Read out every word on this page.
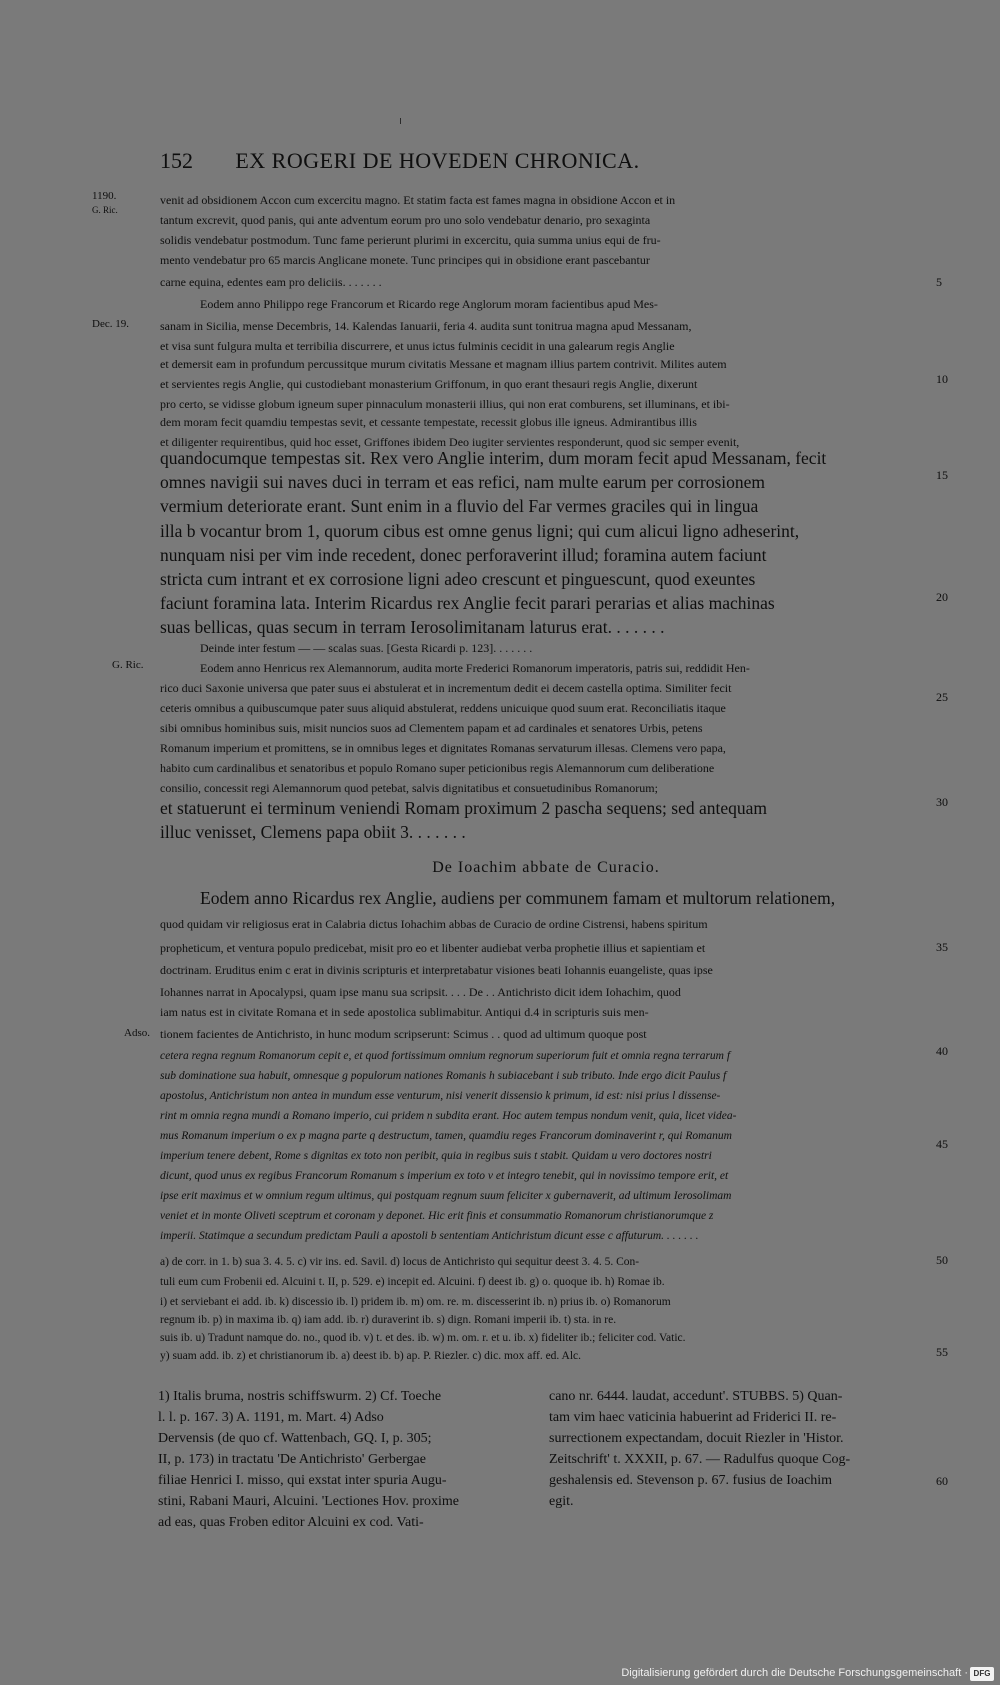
152	EX ROGERI DE HOVEDEN CHRONICA.
1190.
G. Ric.
Dec. 19.
G. Ric.
Adso.
5
10
15
20
25
30
35
40
45
50
55
60
venit ad obsidionem Accon cum excercitu magno. Et statim facta est fames magna in obsidione Accon et in
tantum excrevit, quod panis, qui ante adventum eorum pro uno solo vendebatur denario, pro sexaginta
solidis vendebatur postmodum. Tunc fame perierunt plurimi in excercitu, quia summa unius equi de fru-
mento vendebatur pro 65 marcis Anglicane monete. Tunc principes qui in obsidione erant pascebantur
carne equina, edentes eam pro deliciis. . . . . . .
Eodem anno Philippo rege Francorum et Ricardo rege Anglorum moram facientibus apud Mes-
sanam in Sicilia, mense Decembris, 14. Kalendas Ianuarii, feria 4. audita sunt tonitrua magna apud Messanam,
et visa sunt fulgura multa et terribilia discurrere, et unus ictus fulminis cecidit in una galearum regis Anglie
et demersit eam in profundum percussitque murum civitatis Messane et magnam illius partem contrivit. Milites autem
et servientes regis Anglie, qui custodiebant monasterium Griffonum, in quo erant thesauri regis Anglie, dixerunt
pro certo, se vidisse globum igneum super pinnaculum monasterii illius, qui non erat comburens, set illuminans, et ibi-
dem moram fecit quamdiu tempestas sevit, et cessante tempestate, recessit globus ille igneus. Admirantibus illis
et diligenter requirentibus, quid hoc esset, Griffones ibidem Deo iugiter servientes responderunt, quod sic semper evenit,
quandocumque tempestas sit. Rex vero Anglie interim, dum moram fecit apud Messanam, fecit
omnes navigii sui naves duci in terram et eas refici, nam multe earum per corrosionem
vermium deteriorate erant. Sunt enim in a fluvio del Far vermes graciles qui in lingua
illa b vocantur brom 1, quorum cibus est omne genus ligni; qui cum alicui ligno adheserint,
nunquam nisi per vim inde recedent, donec perforaverint illud; foramina autem faciunt
stricta cum intrant et ex corrosione ligni adeo crescunt et pinguescunt, quod exeuntes
faciunt foramina lata. Interim Ricardus rex Anglie fecit parari perarias et alias machinas
suas bellicas, quas secum in terram Ierosolimitanam laturus erat. . . . . . .
Deinde inter festum — — scalas suas. [Gesta Ricardi p. 123]. . . . . . .
Eodem anno Henricus rex Alemannorum, audita morte Frederici Romanorum imperatoris, patris sui, reddidit Hen-
rico duci Saxonie universa que pater suus ei abstulerat et in incrementum dedit ei decem castella optima. Similiter fecit
ceteris omnibus a quibuscumque pater suus aliquid abstulerat, reddens unicuique quod suum erat. Reconciliatis itaque
sibi omnibus hominibus suis, misit nuncios suos ad Clementem papam et ad cardinales et senatores Urbis, petens
Romanum imperium et promittens, se in omnibus leges et dignitates Romanas servaturum illesas. Clemens vero papa,
habito cum cardinalibus et senatoribus et populo Romano super peticionibus regis Alemannorum cum deliberatione
consilio, concessit regi Alemannorum quod petebat, salvis dignitatibus et consuetudinibus Romanorum;
et statuerunt ei terminum veniendi Romam proximum 2 pascha sequens; sed antequam
illuc venisset, Clemens papa obiit 3. . . . . . .
De Ioachim abbate de Curacio.
Eodem anno Ricardus rex Anglie, audiens per communem famam et multorum relationem,
quod quidam vir religiosus erat in Calabria dictus Iohachim abbas de Curacio de ordine Cistrensi, habens spiritum
propheticum, et ventura populo predicebat, misit pro eo et libenter audiebat verba prophetie illius et sapientiam et
doctrinam. Eruditus enim c erat in divinis scripturis et interpretabatur visiones beati Iohannis euangeliste, quas ipse
Iohannes narrat in Apocalypsi, quam ipse manu sua scripsit. . . . De . . Antichristo dicit idem Iohachim, quod
iam natus est in civitate Romana et in sede apostolica sublimabitur. Antiqui d.4 in scripturis suis men-
tionem facientes de Antichristo, in hunc modum scripserunt: Scimus . . quod ad ultimum quoque post
cetera regna regnum Romanorum cepit e, et quod fortissimum omnium regnorum superiorum fuit et omnia regna terrarum f
sub dominatione sua habuit, omnesque g populorum nationes Romanis h subiacebant i sub tributo. Inde ergo dicit Paulus f
apostolus, Antichristum non antea in mundum esse venturum, nisi venerit dissensio k primum, id est: nisi prius l dissense-
rint m omnia regna mundi a Romano imperio, cui pridem n subdita erant. Hoc autem tempus nondum venit, quia, licet videa-
mus Romanum imperium o ex p magna parte q destructum, tamen, quamdiu reges Francorum dominaverint r, qui Romanum
imperium tenere debent, Rome s dignitas ex toto non peribit, quia in regibus suis t stabit. Quidam u vero doctores nostri
dicunt, quod unus ex regibus Francorum Romanum s imperium ex toto v et integro tenebit, qui in novissimo tempore erit, et
ipse erit maximus et w omnium regum ultimus, qui postquam regnum suum feliciter x gubernaverit, ad ultimum Ierosolimam
veniet et in monte Oliveti sceptrum et coronam y deponet. Hic erit finis et consummatio Romanorum christianorumque z
imperii. Statimque a secundum predictam Pauli a apostoli b sententiam Antichristum dicunt esse c affuturum. . . . . . .
a) de corr. in 1. b) sua 3. 4. 5. c) vir ins. ed. Savil. d) locus de Antichristo qui sequitur deest 3. 4. 5. Con-
tuli eum cum Frobenii ed. Alcuini t. II, p. 529. e) incepit ed. Alcuini. f) deest ib. g) o. quoque ib. h) Romae ib.
i) et serviebant ei add. ib. k) discessio ib. l) pridem ib. m) om. re. m. discesserint ib. n) prius ib. o) Romanorum
regnum ib. p) in maxima ib. q) iam add. ib. r) duraverint ib. s) dign. Romani imperii ib. t) sta. in re.
suis ib. u) Tradunt namque do. no., quod ib. v) t. et des. ib. w) m. om. r. et u. ib. x) fideliter ib.; feliciter cod. Vatic.
y) suam add. ib. z) et christianorum ib. a) deest ib. b) ap. P. Riezler. c) dic. mox aff. ed. Alc.
1) Italis bruma, nostris schiffswurm. 2) Cf. Toeche
l. l. p. 167. 3) A. 1191, m. Mart. 4) Adso
Dervensis (de quo cf. Wattenbach, GQ. I, p. 305;
II, p. 173) in tractatu 'De Antichristo' Gerbergae
filiae Henrici I. misso, qui exstat inter spuria Augu-
stini, Rabani Mauri, Alcuini. 'Lectiones Hov. proxime
ad eas, quas Froben editor Alcuini ex cod. Vati-
cano nr. 6444. laudat, accedunt'. STUBBS. 5) Quan-
tam vim haec vaticinia habuerint ad Friderici II. re-
surrectionem expectandam, docuit Riezler in 'Histor.
Zeitschrift' t. XXXII, p. 67. — Radulfus quoque Cog-
geshalensis ed. Stevenson p. 67. fusius de Ioachim
egit.
Digitalisierung gefördert durch die Deutsche Forschungsgemeinschaft · DFG
